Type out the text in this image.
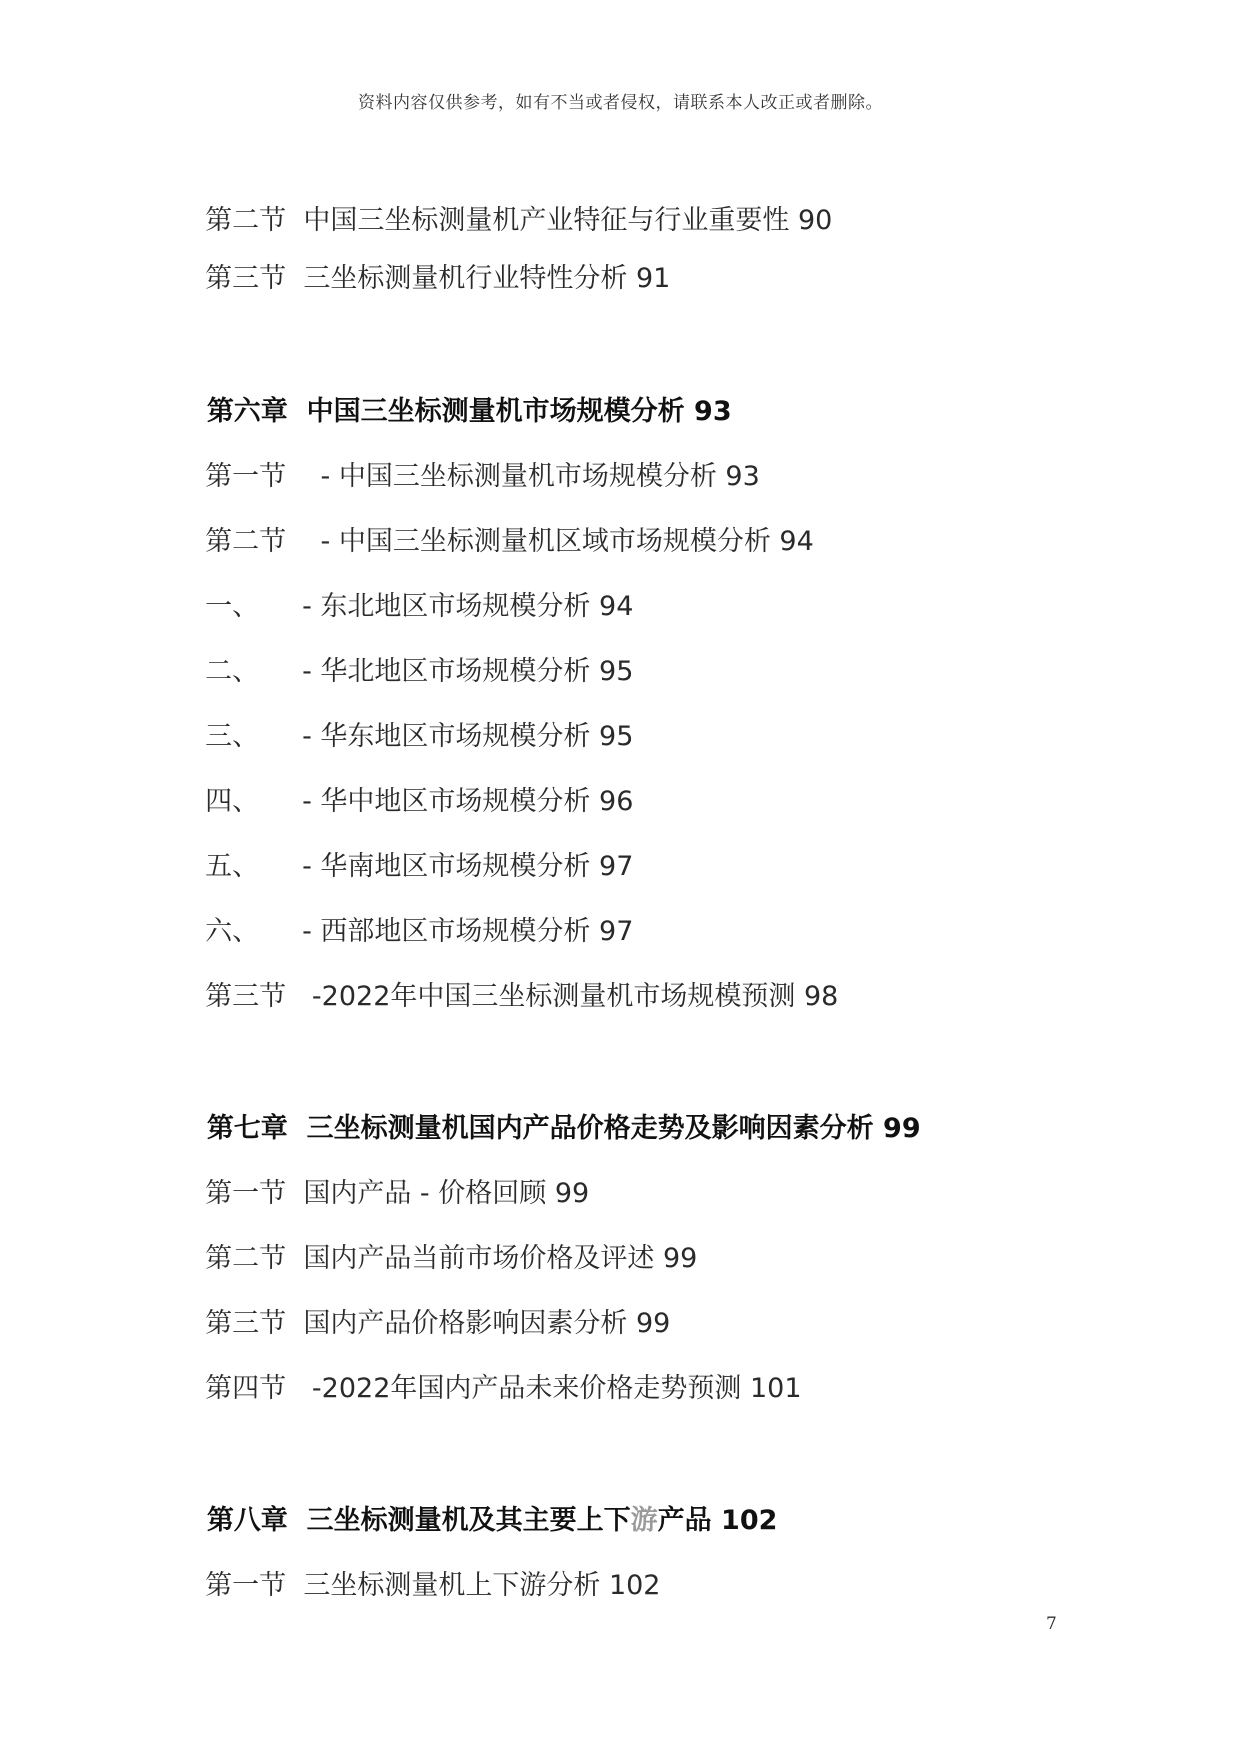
资料内容仅供参考，如有不当或者侵权，请联系本人改正或者删除。

第二节 中国三坐标测量机产业特征与行业重要性 90

第三节 三坐标测量机行业特性分析 91

第六章 中国三坐标测量机市场规模分析 93

第一节    - 中国三坐标测量机市场规模分析 93

第二节    - 中国三坐标测量机区域市场规模分析 94

一、     - 东北地区市场规模分析 94

二、     - 华北地区市场规模分析 95

三、     - 华东地区市场规模分析 95

四、     - 华中地区市场规模分析 96

五、     - 华南地区市场规模分析 97

六、     - 西部地区市场规模分析 97

第三节   -2022年中国三坐标测量机市场规模预测 98

第七章 三坐标测量机国内产品价格走势及影响因素分析 99

第一节 国内产品 - 价格回顾 99

第二节 国内产品当前市场价格及评述 99

第三节 国内产品价格影响因素分析 99

第四节   -2022年国内产品未来价格走势预测 101

第八章 三坐标测量机及其主要上下游产品 102

第一节 三坐标测量机上下游分析 102

7
